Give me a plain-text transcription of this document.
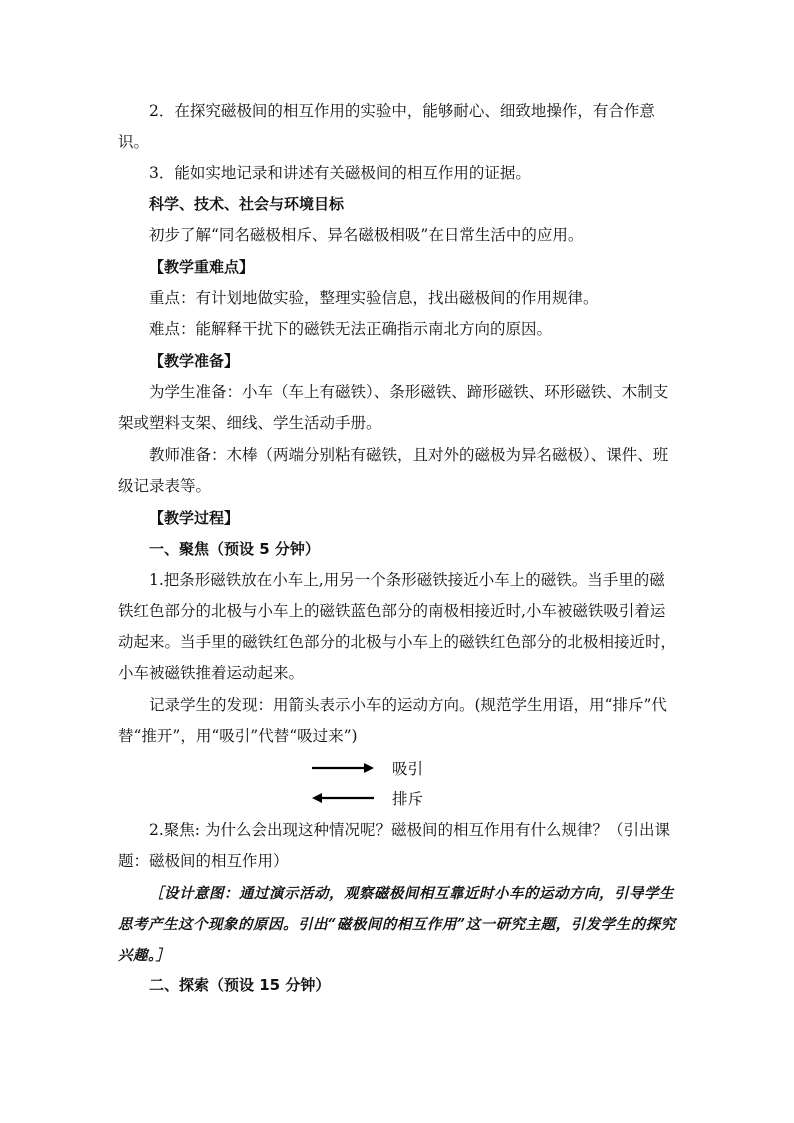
2．在探究磁极间的相互作用的实验中，能够耐心、细致地操作，有合作意识。

3．能如实地记录和讲述有关磁极间的相互作用的证据。

科学、技术、社会与环境目标

初步了解“同名磁极相斥、异名磁极相吸”在日常生活中的应用。

【教学重难点】

重点：有计划地做实验，整理实验信息，找出磁极间的作用规律。

难点：能解释干扰下的磁铁无法正确指示南北方向的原因。

【教学准备】

为学生准备：小车（车上有磁铁）、条形磁铁、蹄形磁铁、环形磁铁、木制支架或塑料支架、细线、学生活动手册。

教师准备：木棒（两端分别粘有磁铁，且对外的磁极为异名磁极）、课件、班级记录表等。

【教学过程】

一、聚焦（预设 5 分钟）

1.把条形磁铁放在小车上,用另一个条形磁铁接近小车上的磁铁。当手里的磁铁红色部分的北极与小车上的磁铁蓝色部分的南极相接近时,小车被磁铁吸引着运动起来。当手里的磁铁红色部分的北极与小车上的磁铁红色部分的北极相接近时，小车被磁铁推着运动起来。

记录学生的发现：用箭头表示小车的运动方向。(规范学生用语，用“排斥”代替“推开”，用“吸引”代替“吸过来”)

吸引
排斥

2.聚焦: 为什么会出现这种情况呢？磁极间的相互作用有什么规律？（引出课题：磁极间的相互作用）

［设计意图：通过演示活动，观察磁极间相互靠近时小车的运动方向，引导学生思考产生这个现象的原因。引出“磁极间的相互作用”这一研究主题，引发学生的探究兴趣。］

二、探索（预设 15 分钟）
